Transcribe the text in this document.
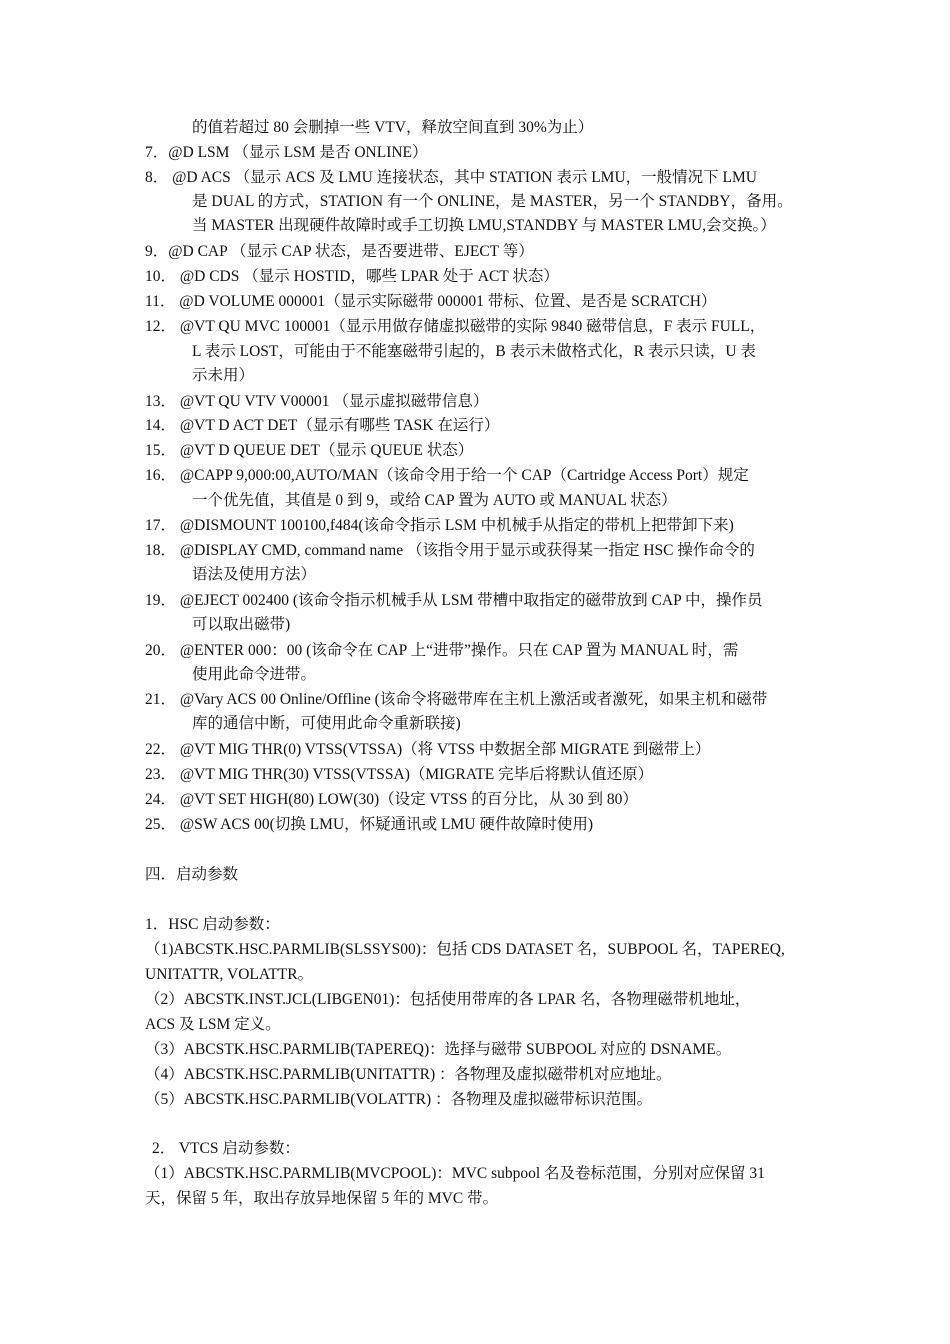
的值若超过 80 会删掉一些 VTV，释放空间直到 30%为止）
7．@D LSM （显示 LSM 是否 ONLINE）
8． @D ACS （显示 ACS 及 LMU 连接状态，其中 STATION 表示 LMU，一般情况下 LMU
是 DUAL 的方式，STATION 有一个 ONLINE，是 MASTER，另一个 STANDBY，备用。
当 MASTER 出现硬件故障时或手工切换 LMU,STANDBY 与 MASTER LMU,会交换。）
9．@D CAP （显示 CAP 状态，是否要进带、EJECT 等）
10． @D CDS （显示 HOSTID，哪些 LPAR 处于 ACT 状态）
11． @D VOLUME 000001（显示实际磁带 000001 带标、位置、是否是 SCRATCH）
12． @VT QU MVC 100001（显示用做存储虚拟磁带的实际 9840 磁带信息，F 表示 FULL，
L 表示 LOST，可能由于不能塞磁带引起的，B 表示未做格式化，R 表示只读，U 表
示未用）
13． @VT QU VTV V00001 （显示虚拟磁带信息）
14． @VT D ACT DET（显示有哪些 TASK 在运行）
15． @VT D QUEUE DET（显示 QUEUE 状态）
16． @CAPP 9,000:00,AUTO/MAN（该命令用于给一个 CAP（Cartridge Access Port）规定
一个优先值，其值是 0 到 9，或给 CAP 置为 AUTO 或 MANUAL 状态）
17． @DISMOUNT 100100,f484(该命令指示 LSM 中机械手从指定的带机上把带卸下来)
18． @DISPLAY CMD, command name （该指令用于显示或获得某一指定 HSC 操作命令的
语法及使用方法）
19． @EJECT 002400 (该命令指示机械手从 LSM 带槽中取指定的磁带放到 CAP 中，操作员
可以取出磁带)
20． @ENTER 000：00 (该命令在 CAP 上“进带”操作。只在 CAP 置为 MANUAL 时，需
使用此命令进带。
21． @Vary ACS 00 Online/Offline (该命令将磁带库在主机上激活或者激死，如果主机和磁带
库的通信中断，可使用此命令重新联接)
22． @VT MIG THR(0) VTSS(VTSSA)（将 VTSS 中数据全部 MIGRATE 到磁带上）
23． @VT MIG THR(30) VTSS(VTSSA)（MIGRATE 完毕后将默认值还原）
24． @VT SET HIGH(80) LOW(30)（设定 VTSS 的百分比，从 30 到 80）
25． @SW ACS 00(切换 LMU，怀疑通讯或 LMU 硬件故障时使用)
四．启动参数
1．HSC 启动参数：
（1)ABCSTK.HSC.PARMLIB(SLSSYS00)：包括 CDS DATASET 名，SUBPOOL 名，TAPEREQ,
UNITATTR, VOLATTR。
（2）ABCSTK.INST.JCL(LIBGEN01)：包括使用带库的各 LPAR 名，各物理磁带机地址，
ACS 及 LSM 定义。
（3）ABCSTK.HSC.PARMLIB(TAPEREQ)：选择与磁带 SUBPOOL 对应的 DSNAME。
（4）ABCSTK.HSC.PARMLIB(UNITATTR) ：各物理及虚拟磁带机对应地址。
（5）ABCSTK.HSC.PARMLIB(VOLATTR) ：各物理及虚拟磁带标识范围。
2． VTCS 启动参数：
（1）ABCSTK.HSC.PARMLIB(MVCPOOL)：MVC subpool 名及卷标范围，分别对应保留 31
天，保留 5 年，取出存放异地保留 5 年的 MVC 带。
